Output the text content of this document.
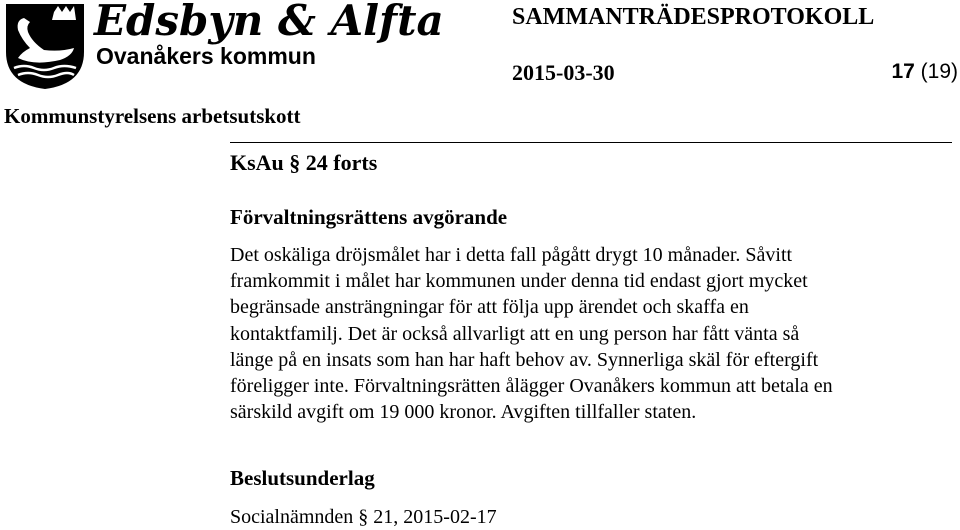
Edsbyn & Alfta
Ovanåkers kommun
SAMMANTRÄDESPROTOKOLL
2015-03-30	17 (19)
Kommunstyrelsens arbetsutskott
KsAu § 24 forts
Förvaltningsrättens avgörande
Det oskäliga dröjsmålet har i detta fall pågått drygt 10 månader. Såvitt
framkommit i målet har kommunen under denna tid endast gjort mycket
begränsade ansträngningar för att följa upp ärendet och skaffa en
kontaktfamilj. Det är också allvarligt att en ung person har fått vänta så
länge på en insats som han har haft behov av. Synnerliga skäl för eftergift
föreligger inte. Förvaltningsrätten ålägger Ovanåkers kommun att betala en
särskild avgift om 19 000 kronor. Avgiften tillfaller staten.
Beslutsunderlag
Socialnämnden § 21, 2015-02-17
